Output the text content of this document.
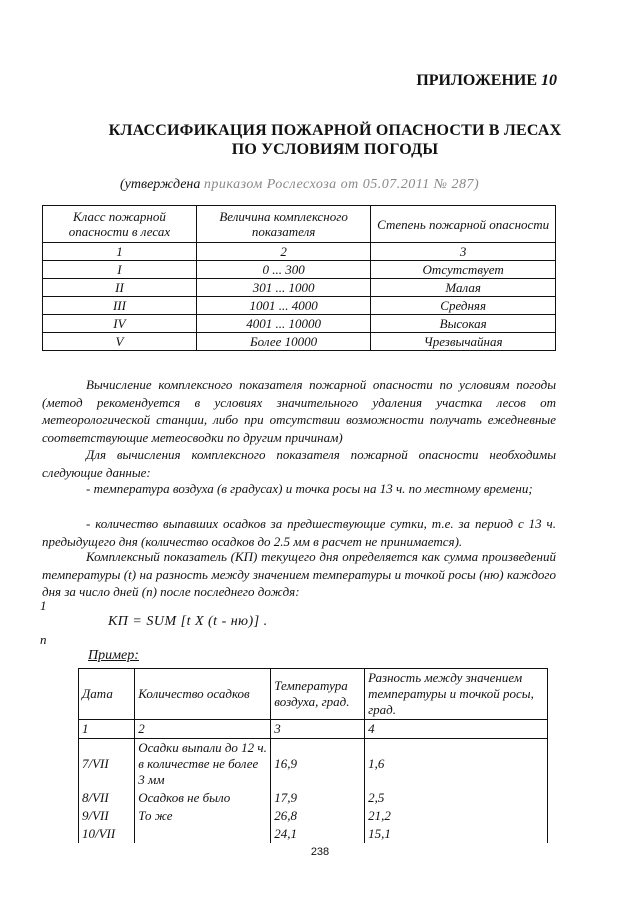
ПРИЛОЖЕНИЕ 10
КЛАССИФИКАЦИЯ ПОЖАРНОЙ ОПАСНОСТИ В ЛЕСАХ
ПО УСЛОВИЯМ ПОГОДЫ
(утверждена приказом Рослесхоза от 05.07.2011 № 287)
Класс пожарной опасности в лесах	Величина комплексного показателя	Степень пожарной опасности
1	2	3
I	0 ... 300	Отсутствует
II	301 ... 1000	Малая
III	1001 ... 4000	Средняя
IV	4001 ... 10000	Высокая
V	Более 10000	Чрезвычайная
Вычисление комплексного показателя пожарной опасности по условиям погоды (метод рекомендуется в условиях значительного удаления участка лесов от метеорологической станции, либо при отсутствии возможности получать ежедневные соответствующие метеосводки по другим причинам)
Для вычисления комплексного показателя пожарной опасности необходимы следующие данные:
- температура воздуха (в градусах) и точка росы на 13 ч. по местному времени;
- количество выпавших осадков за предшествующие сутки, т.е. за период с 13 ч. предыдущего дня (количество осадков до 2.5 мм в расчет не принимается).
Комплексный показатель (КП) текущего дня определяется как сумма произведений температуры (t) на разность между значением температуры и точкой росы (ню) каждого дня за число дней (n) после последнего дождя:
1
КП = SUM [t X (t - ню)] .
n
Пример:
Дата	Количество осадков	Температура воздуха, град.	Разность между значением температуры и точкой росы, град.
1	2	3	4
7/VII	Осадки выпали до 12 ч. в количестве не более 3 мм	16,9	1,6
8/VII	Осадков не было	17,9	2,5
9/VII	То же	26,8	21,2
10/VII		24,1	15,1
238
